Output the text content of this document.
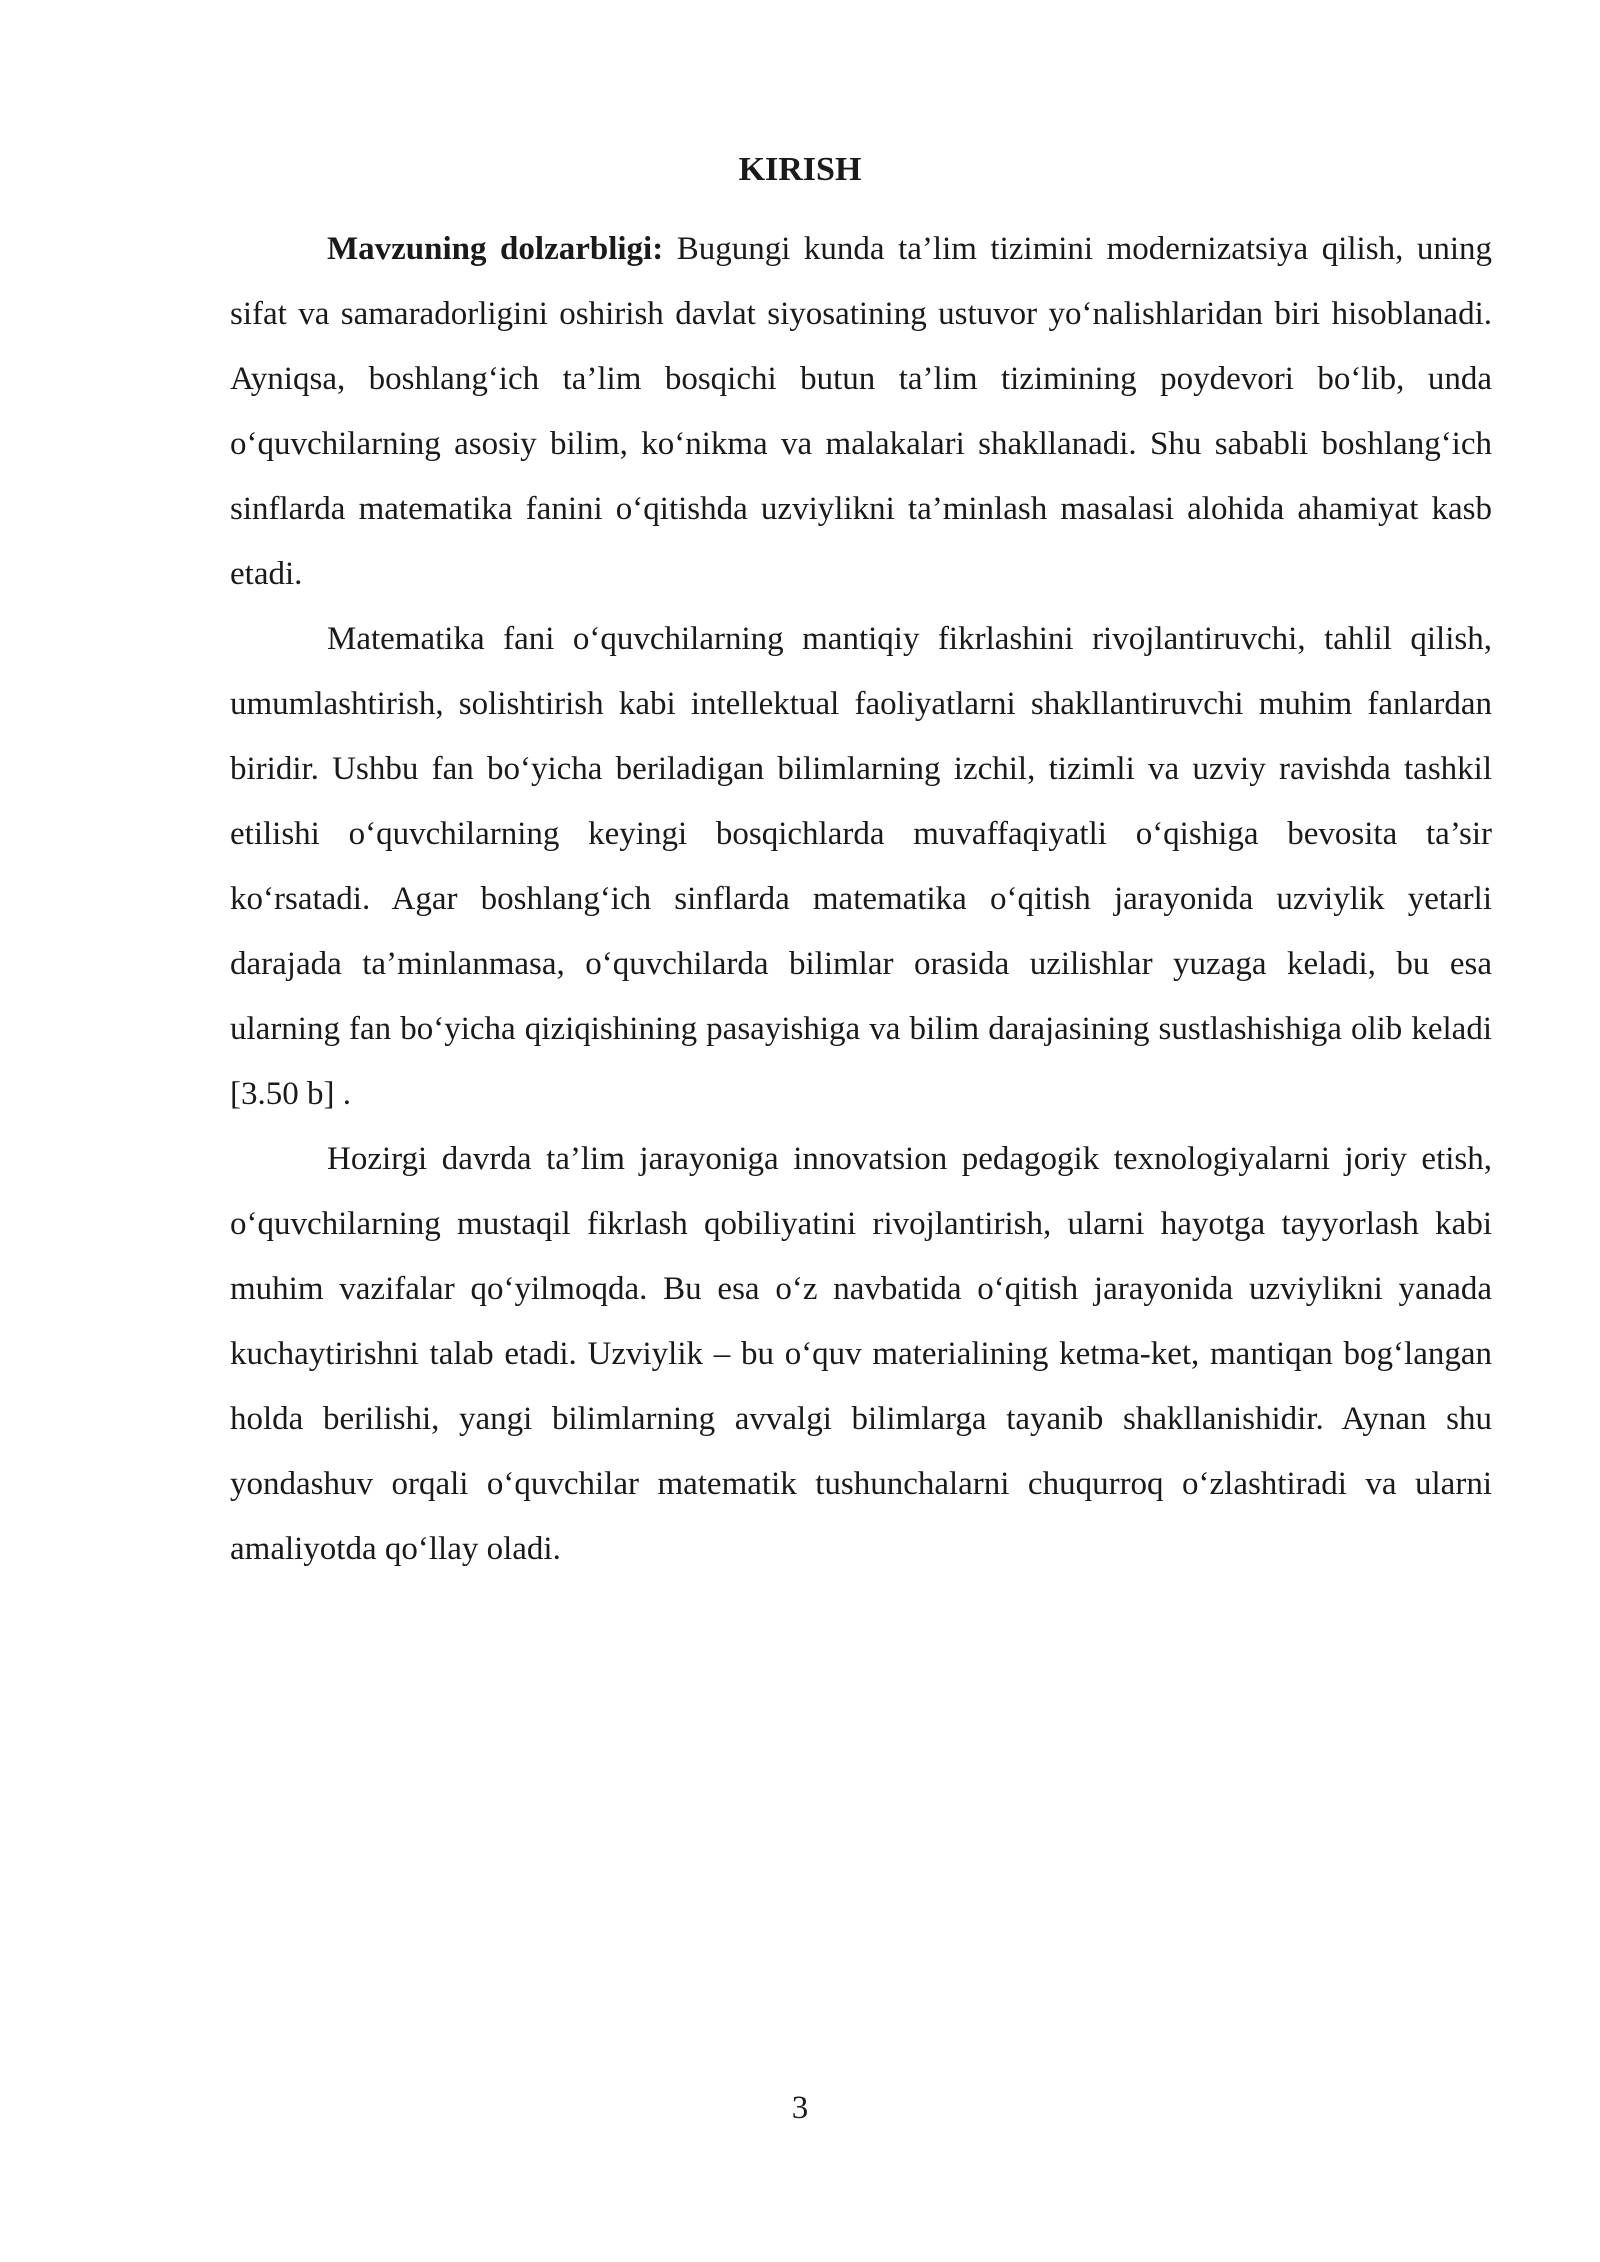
KIRISH

Mavzuning dolzarbligi: Bugungi kunda ta’lim tizimini modernizatsiya qilish, uning sifat va samaradorligini oshirish davlat siyosatining ustuvor yo‘nalishlaridan biri hisoblanadi. Ayniqsa, boshlang‘ich ta’lim bosqichi butun ta’lim tizimining poydevori bo‘lib, unda o‘quvchilarning asosiy bilim, ko‘nikma va malakalari shakllanadi. Shu sababli boshlang‘ich sinflarda matematika fanini o‘qitishda uzviylikni ta’minlash masalasi alohida ahamiyat kasb etadi.

Matematika fani o‘quvchilarning mantiqiy fikrlashini rivojlantiruvchi, tahlil qilish, umumlashtirish, solishtirish kabi intellektual faoliyatlarni shakllantiruvchi muhim fanlardan biridir. Ushbu fan bo‘yicha beriladigan bilimlarning izchil, tizimli va uzviy ravishda tashkil etilishi o‘quvchilarning keyingi bosqichlarda muvaffaqiyatli o‘qishiga bevosita ta’sir ko‘rsatadi. Agar boshlang‘ich sinflarda matematika o‘qitish jarayonida uzviylik yetarli darajada ta’minlanmasa, o‘quvchilarda bilimlar orasida uzilishlar yuzaga keladi, bu esa ularning fan bo‘yicha qiziqishining pasayishiga va bilim darajasining sustlashishiga olib keladi [3.50 b] .

Hozirgi davrda ta’lim jarayoniga innovatsion pedagogik texnologiyalarni joriy etish, o‘quvchilarning mustaqil fikrlash qobiliyatini rivojlantirish, ularni hayotga tayyorlash kabi muhim vazifalar qo‘yilmoqda. Bu esa o‘z navbatida o‘qitish jarayonida uzviylikni yanada kuchaytirishni talab etadi. Uzviylik – bu o‘quv materialining ketma-ket, mantiqan bog‘langan holda berilishi, yangi bilimlarning avvalgi bilimlarga tayanib shakllanishidir. Aynan shu yondashuv orqali o‘quvchilar matematik tushunchalarni chuqurroq o‘zlashtiradi va ularni amaliyotda qo‘llay oladi.

3
